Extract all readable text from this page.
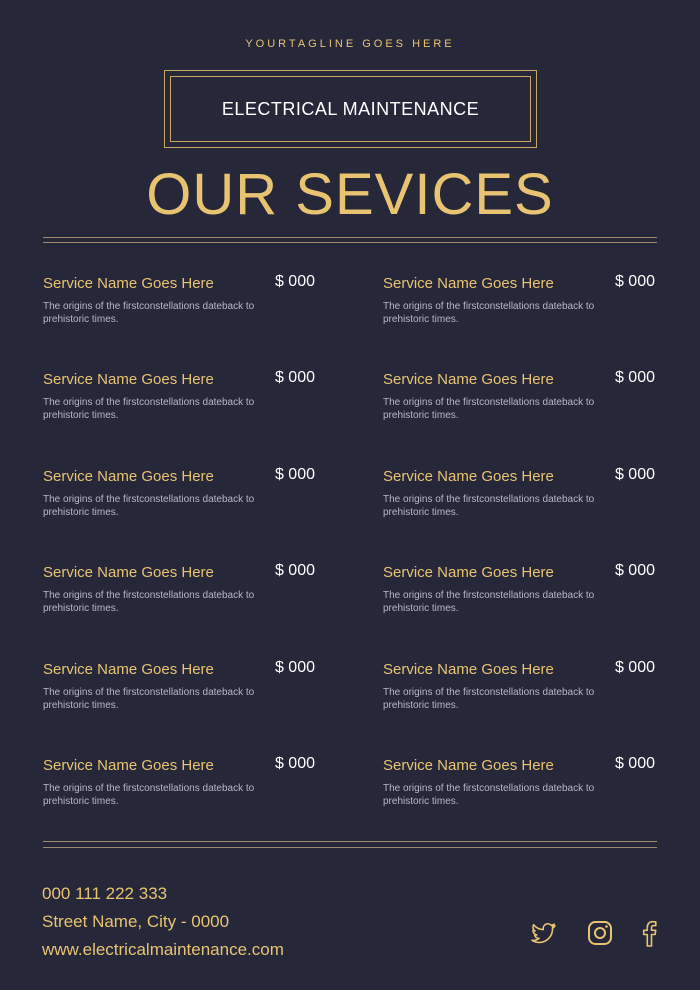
YOURTAGLINE GOES HERE
ELECTRICAL MAINTENANCE
OUR SEVICES
Service Name Goes Here	$ 000
The origins of the firstconstellations dateback to prehistoric times.
Service Name Goes Here	$ 000
The origins of the firstconstellations dateback to prehistoric times.
Service Name Goes Here	$ 000
The origins of the firstconstellations dateback to prehistoric times.
Service Name Goes Here	$ 000
The origins of the firstconstellations dateback to prehistoric times.
Service Name Goes Here	$ 000
The origins of the firstconstellations dateback to prehistoric times.
Service Name Goes Here	$ 000
The origins of the firstconstellations dateback to prehistoric times.
Service Name Goes Here	$ 000
The origins of the firstconstellations dateback to prehistoric times.
Service Name Goes Here	$ 000
The origins of the firstconstellations dateback to prehistoric times.
Service Name Goes Here	$ 000
The origins of the firstconstellations dateback to prehistoric times.
Service Name Goes Here	$ 000
The origins of the firstconstellations dateback to prehistoric times.
Service Name Goes Here	$ 000
The origins of the firstconstellations dateback to prehistoric times.
Service Name Goes Here	$ 000
The origins of the firstconstellations dateback to prehistoric times.
000 111 222 333
Street Name, City - 0000
www.electricalmaintenance.com
